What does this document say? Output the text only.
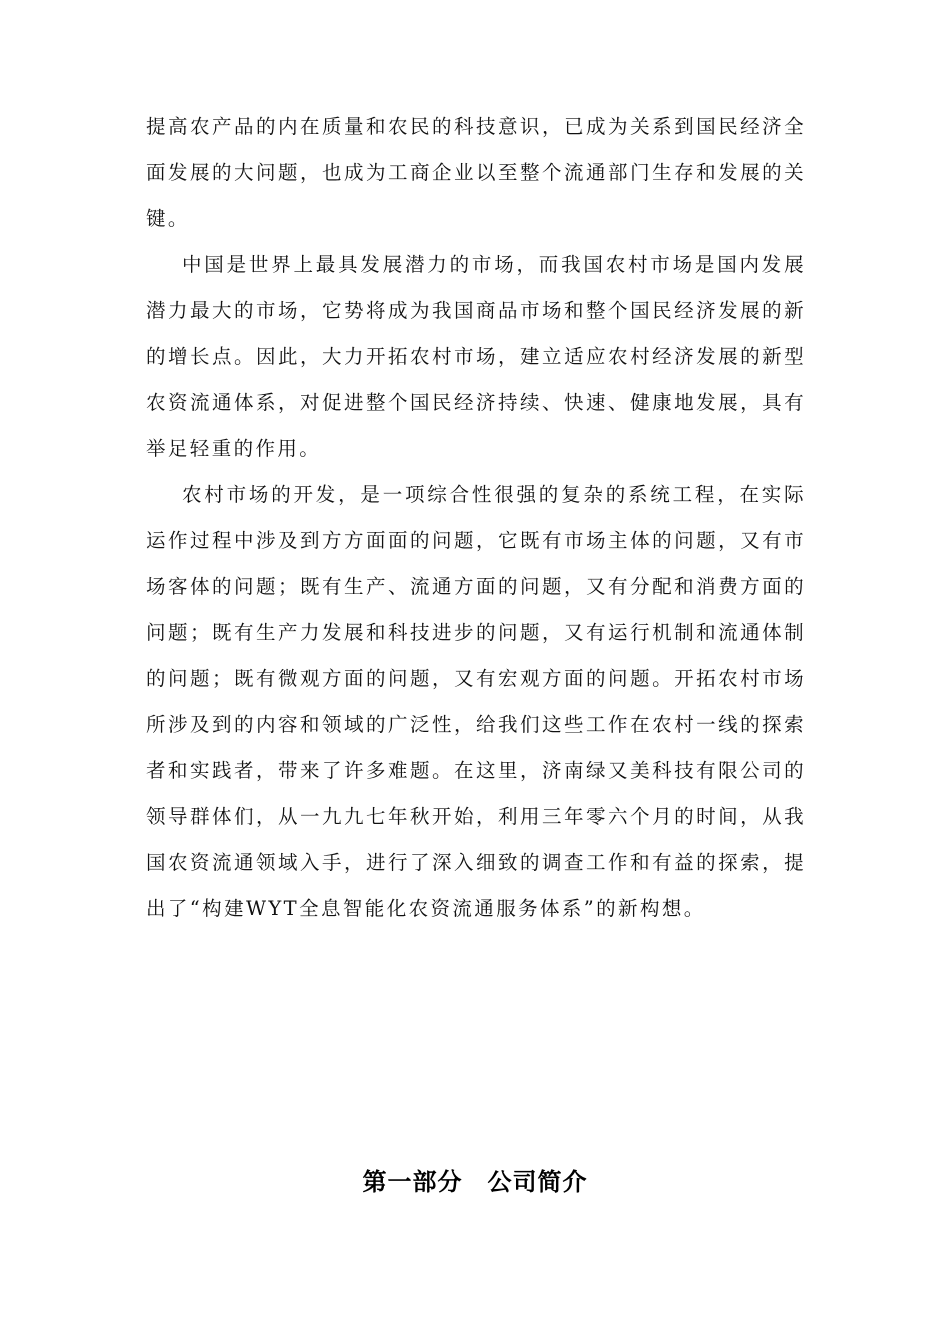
提高农产品的内在质量和农民的科技意识，已成为关系到国民经济全面发展的大问题，也成为工商企业以至整个流通部门生存和发展的关键。

中国是世界上最具发展潜力的市场，而我国农村市场是国内发展潜力最大的市场，它势将成为我国商品市场和整个国民经济发展的新的增长点。因此，大力开拓农村市场，建立适应农村经济发展的新型农资流通体系，对促进整个国民经济持续、快速、健康地发展，具有举足轻重的作用。

农村市场的开发，是一项综合性很强的复杂的系统工程，在实际运作过程中涉及到方方面面的问题，它既有市场主体的问题，又有市场客体的问题；既有生产、流通方面的问题，又有分配和消费方面的问题；既有生产力发展和科技进步的问题，又有运行机制和流通体制的问题；既有微观方面的问题，又有宏观方面的问题。开拓农村市场所涉及到的内容和领域的广泛性，给我们这些工作在农村一线的探索者和实践者，带来了许多难题。在这里，济南绿又美科技有限公司的领导群体们，从一九九七年秋开始，利用三年零六个月的时间，从我国农资流通领域入手，进行了深入细致的调查工作和有益的探索，提出了“构建WYT全息智能化农资流通服务体系”的新构想。

第一部分　公司简介
